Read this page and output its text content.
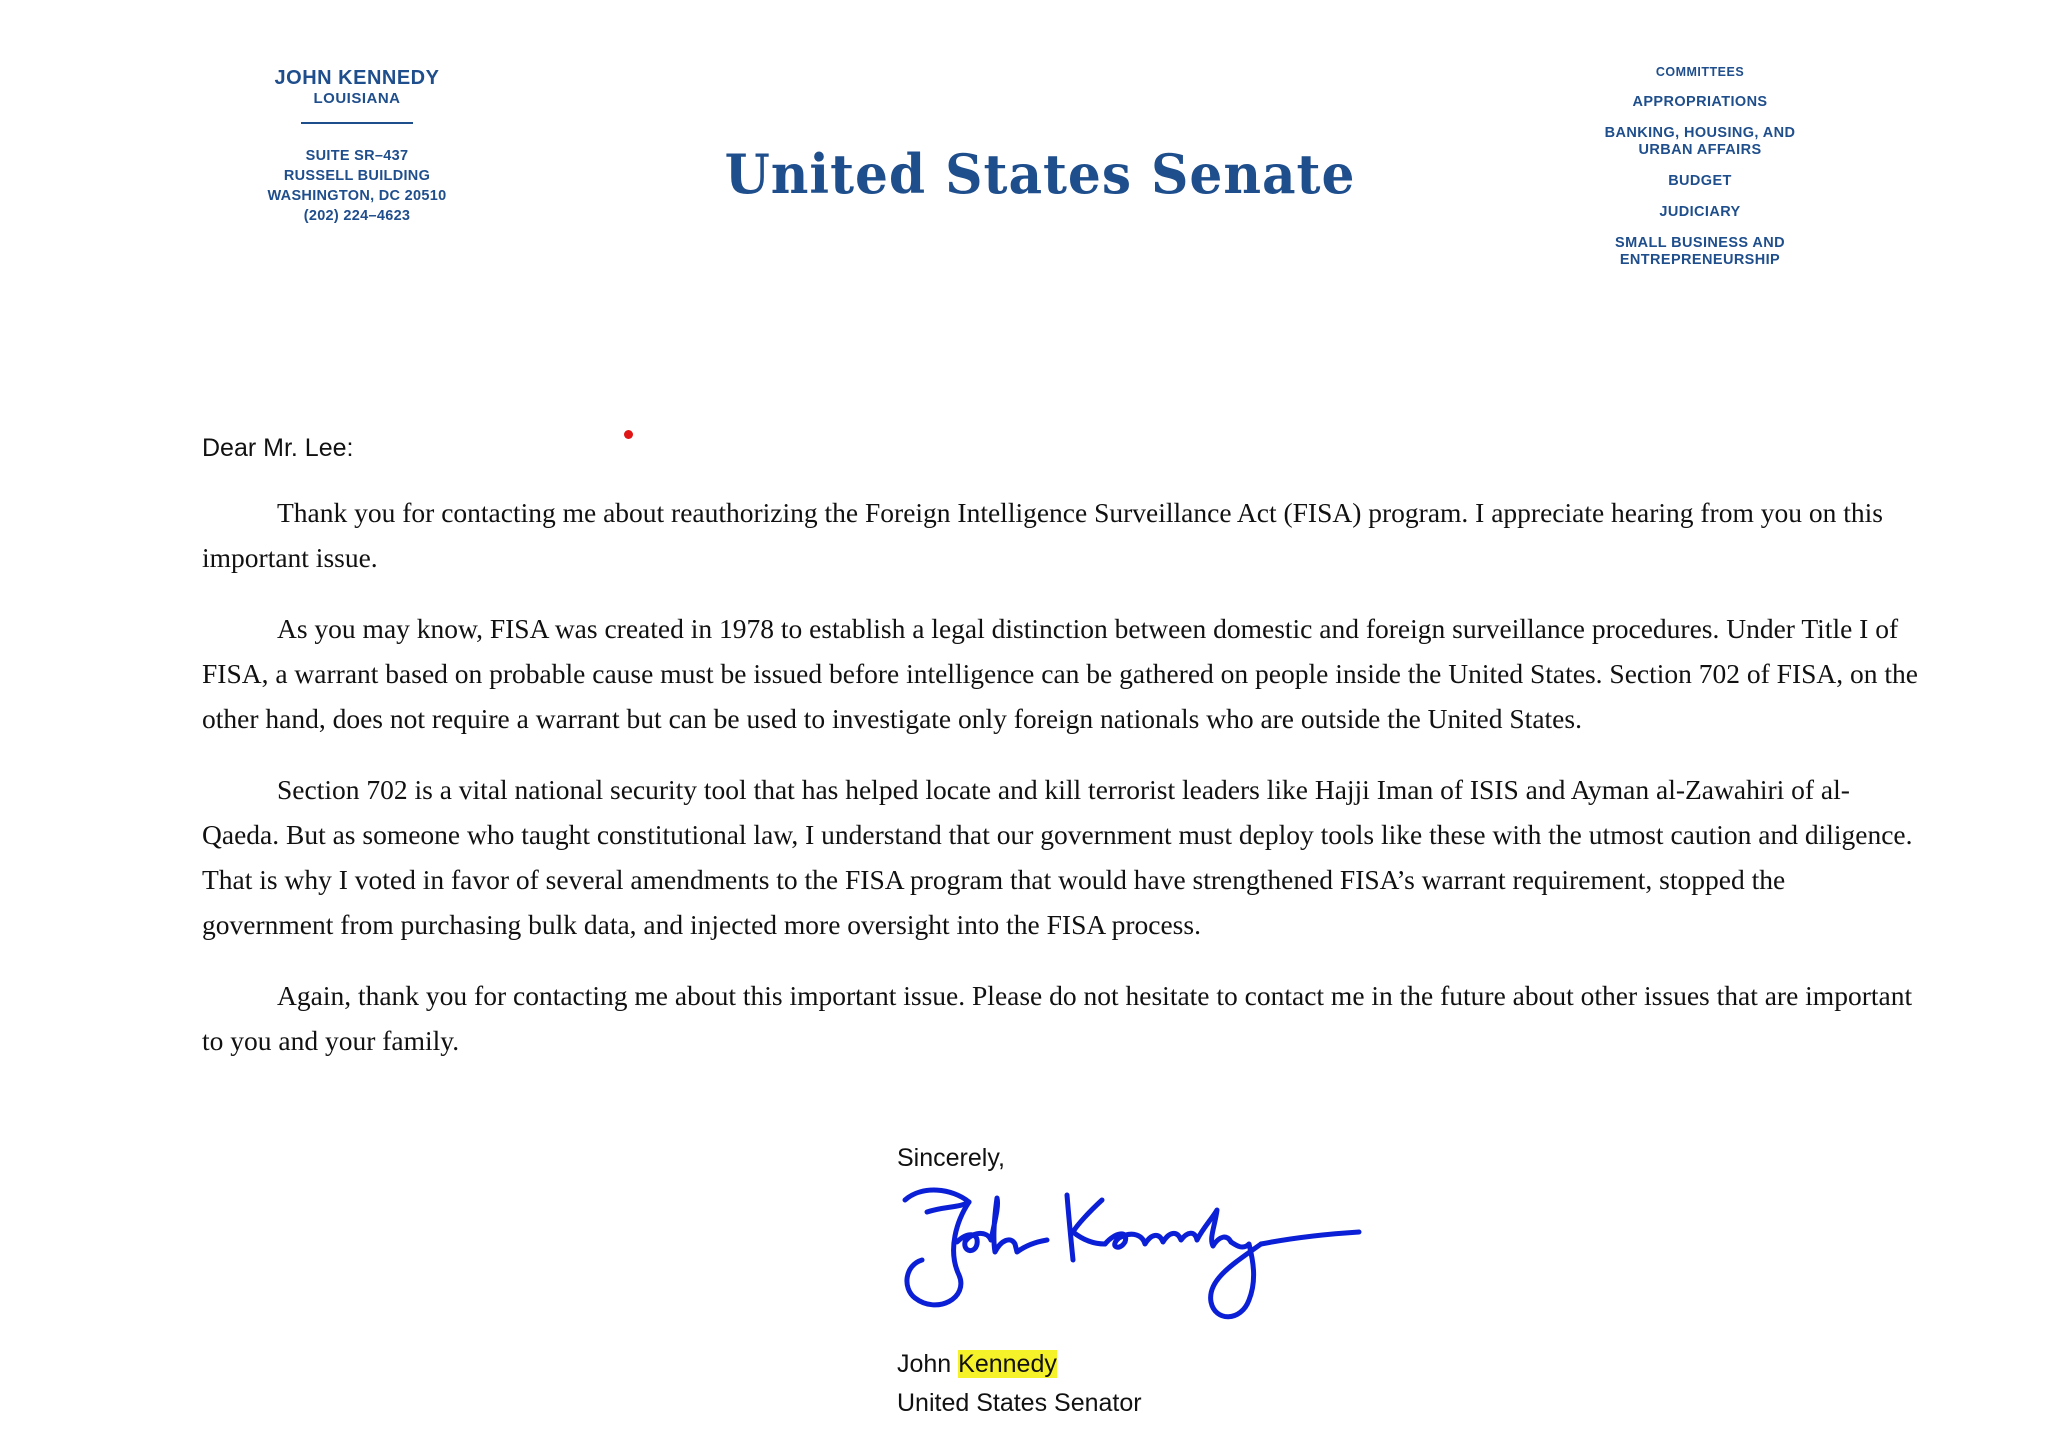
JOHN KENNEDY
LOUISIANA
SUITE SR–437
RUSSELL BUILDING
WASHINGTON, DC 20510
(202) 224–4623
United States Senate
COMMITTEES
APPROPRIATIONS
BANKING, HOUSING, AND
URBAN AFFAIRS
BUDGET
JUDICIARY
SMALL BUSINESS AND
ENTREPRENEURSHIP
Dear Mr. Lee:

Thank you for contacting me about reauthorizing the Foreign Intelligence Surveillance Act (FISA) program. I appreciate hearing from you on this important issue.

As you may know, FISA was created in 1978 to establish a legal distinction between domestic and foreign surveillance procedures. Under Title I of FISA, a warrant based on probable cause must be issued before intelligence can be gathered on people inside the United States. Section 702 of FISA, on the other hand, does not require a warrant but can be used to investigate only foreign nationals who are outside the United States.

Section 702 is a vital national security tool that has helped locate and kill terrorist leaders like Hajji Iman of ISIS and Ayman al-Zawahiri of al-Qaeda. But as someone who taught constitutional law, I understand that our government must deploy tools like these with the utmost caution and diligence. That is why I voted in favor of several amendments to the FISA program that would have strengthened FISA’s warrant requirement, stopped the government from purchasing bulk data, and injected more oversight into the FISA process.

Again, thank you for contacting me about this important issue. Please do not hesitate to contact me in the future about other issues that are important to you and your family.

Sincerely,
John Kennedy
United States Senator
